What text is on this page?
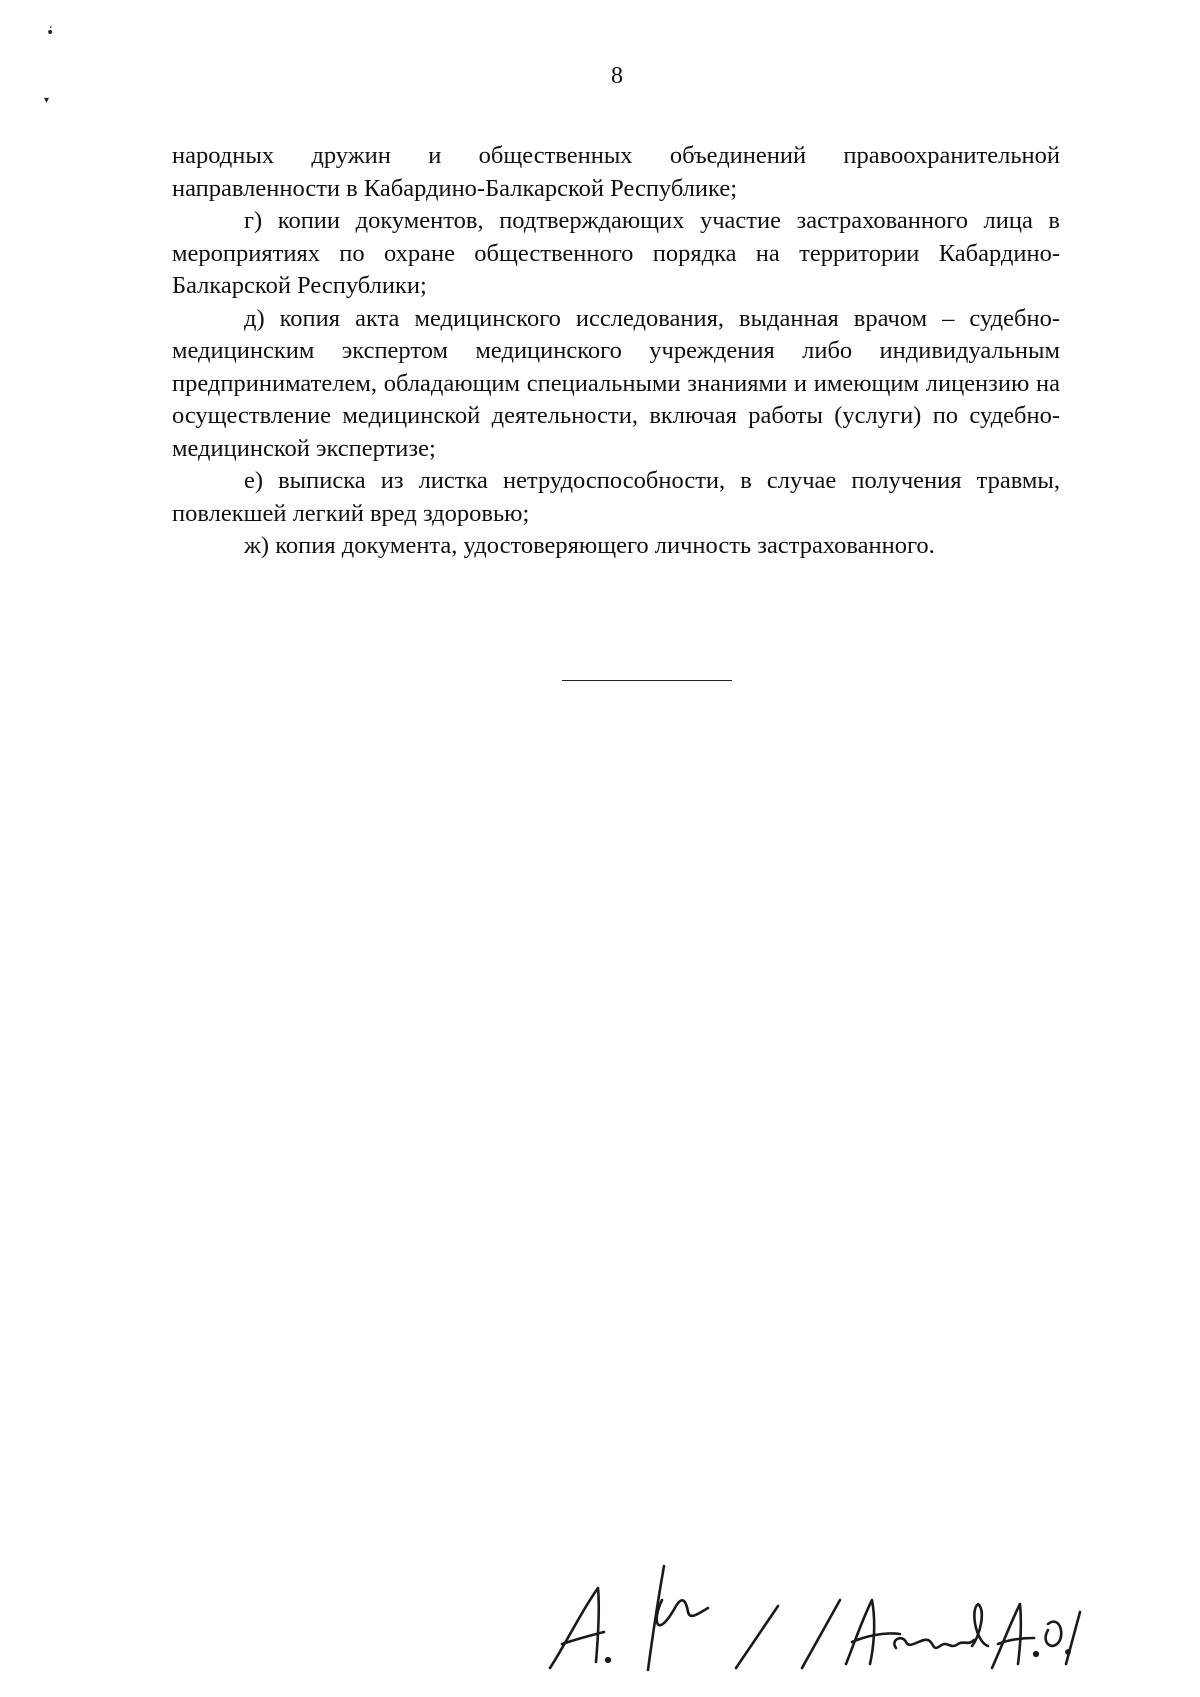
•̇
▾
8

народных дружин и общественных объединений правоохранительной направленности в Кабардино-Балкарской Республике;

г) копии документов, подтверждающих участие застрахованного лица в мероприятиях по охране общественного порядка на территории Кабардино-Балкарской Республики;

д) копия акта медицинского исследования, выданная врачом – судебно-медицинским экспертом медицинского учреждения либо индивидуальным предпринимателем, обладающим специальными знаниями и имеющим лицензию на осуществление медицинской деятельности, включая работы (услуги) по судебно-медицинской экспертизе;

е) выписка из листка нетрудоспособности, в случае получения травмы, повлекшей легкий вред здоровью;

ж) копия документа, удостоверяющего личность застрахованного.
